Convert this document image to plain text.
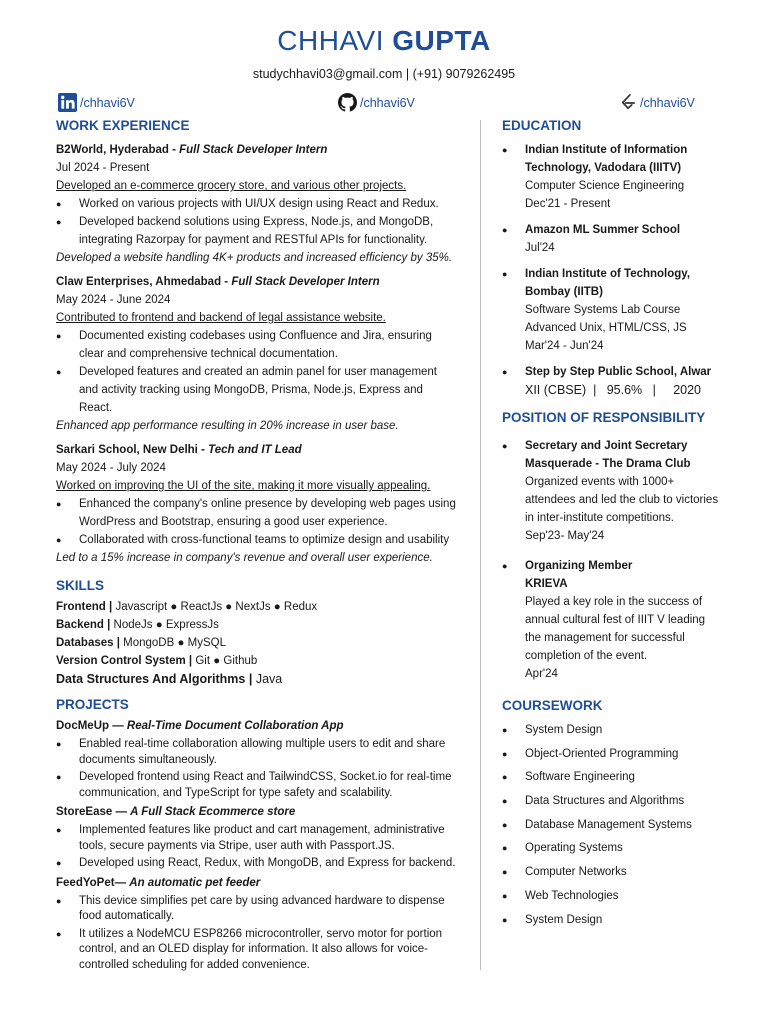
CHHAVI GUPTA
studychhavi03@gmail.com | (+91) 9079262495
/chhavi6V	/chhavi6V	/chhavi6V
WORK EXPERIENCE
B2World, Hyderabad - Full Stack Developer Intern
Jul 2024 - Present
Developed an e-commerce grocery store, and various other projects.
● Worked on various projects with UI/UX design using React and Redux.
● Developed backend solutions using Express, Node.js, and MongoDB, integrating Razorpay for payment and RESTful APIs for functionality.
Developed a website handling 4K+ products and increased efficiency by 35%.
Claw Enterprises, Ahmedabad - Full Stack Developer Intern
May 2024 - June 2024
Contributed to frontend and backend of legal assistance website.
● Documented existing codebases using Confluence and Jira, ensuring clear and comprehensive technical documentation.
● Developed features and created an admin panel for user management and activity tracking using MongoDB, Prisma, Node.js, Express and React.
Enhanced app performance resulting in 20% increase in user base.
Sarkari School, New Delhi - Tech and IT Lead
May 2024 - July 2024
Worked on improving the UI of the site, making it more visually appealing.
● Enhanced the company's online presence by developing web pages using WordPress and Bootstrap, ensuring a good user experience.
● Collaborated with cross-functional teams to optimize design and usability
Led to a 15% increase in company's revenue and overall user experience.
SKILLS
Frontend | Javascript ● ReactJs ● NextJs ● Redux
Backend | NodeJs ● ExpressJs
Databases | MongoDB ● MySQL
Version Control System | Git ● Github
Data Structures And Algorithms | Java
PROJECTS
DocMeUp — Real-Time Document Collaboration App
● Enabled real-time collaboration allowing multiple users to edit and share documents simultaneously.
● Developed frontend using React and TailwindCSS, Socket.io for real-time communication, and TypeScript for type safety and scalability.
StoreEase — A Full Stack Ecommerce store
● Implemented features like product and cart management, administrative tools, secure payments via Stripe, user auth with Passport.JS.
● Developed using React, Redux, with MongoDB, and Express for backend.
FeedYoPet— An automatic pet feeder
● This device simplifies pet care by using advanced hardware to dispense food automatically.
● It utilizes a NodeMCU ESP8266 microcontroller, servo motor for portion control, and an OLED display for information. It also allows for voice-controlled scheduling for added convenience.
EDUCATION
● Indian Institute of Information Technology, Vadodara (IIITV)
Computer Science Engineering
Dec'21 - Present
● Amazon ML Summer School
Jul'24
● Indian Institute of Technology, Bombay (IITB)
Software Systems Lab Course
Advanced Unix, HTML/CSS, JS
Mar'24 - Jun'24
● Step by Step Public School, Alwar
XII (CBSE)  |   95.6%   |     2020
POSITION OF RESPONSIBILITY
● Secretary and Joint Secretary Masquerade - The Drama Club
Organized events with 1000+ attendees and led the club to victories in inter-institute competitions.
Sep'23- May'24
● Organizing Member
KRIEVA
Played a key role in the success of annual cultural fest of IIIT V leading the management for successful completion of the event.
Apr'24
COURSEWORK
● System Design
● Object-Oriented Programming
● Software Engineering
● Data Structures and Algorithms
● Database Management Systems
● Operating Systems
● Computer Networks
● Web Technologies
● System Design
